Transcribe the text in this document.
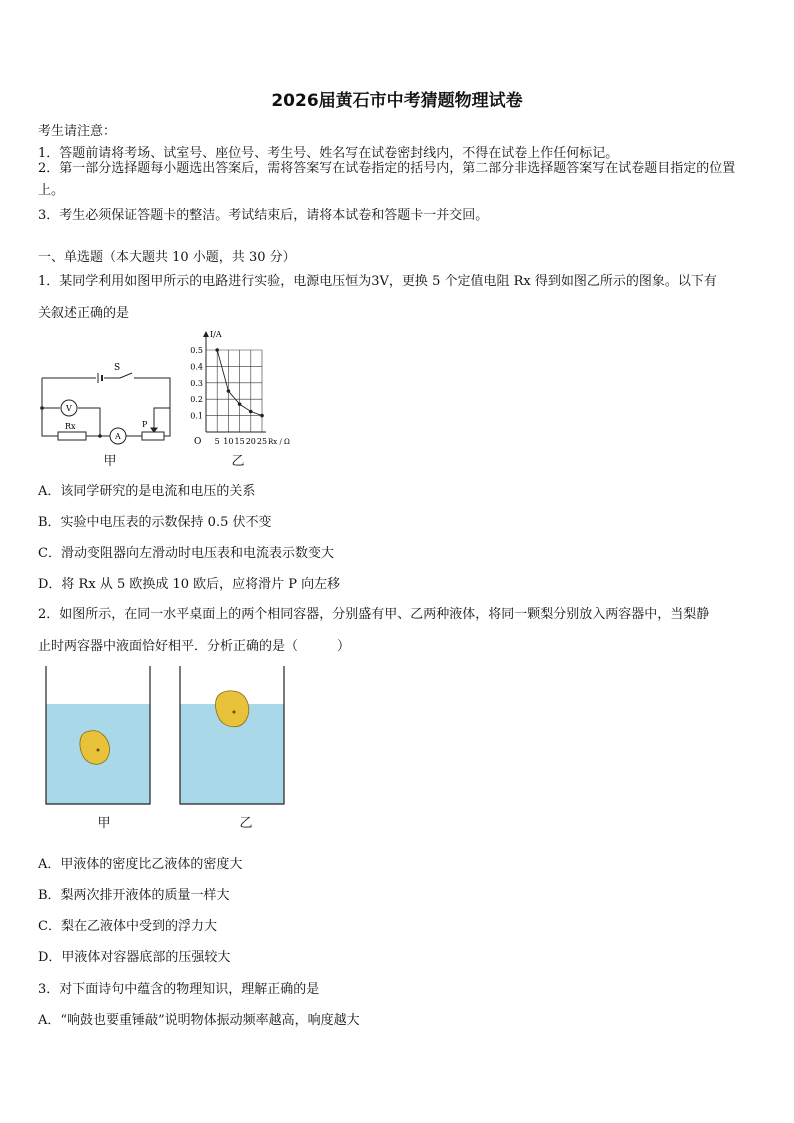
2026届黄石市中考猜题物理试卷
考生请注意：
1．答题前请将考场、试室号、座位号、考生号、姓名写在试卷密封线内，不得在试卷上作任何标记。
2．第一部分选择题每小题选出答案后，需将答案写在试卷指定的括号内，第二部分非选择题答案写在试卷题目指定的位置上。
3．考生必须保证答题卡的整洁。考试结束后，请将本试卷和答题卡一并交回。
一、单选题（本大题共 10 小题，共 30 分）
1．某同学利用如图甲所示的电路进行实验，电源电压恒为3V，更换 5 个定值电阻 Rx 得到如图乙所示的图象。以下有
关叙述正确的是
S
V
A
Rx	P
甲
5 10 15 20 25
0.1
0.2
0.3
0.4
0.5
O
I/A
Rx / Ω
乙
A．该同学研究的是电流和电压的关系
B．实验中电压表的示数保持 0.5 伏不变
C．滑动变阻器向左滑动时电压表和电流表示数变大
D．将 Rx 从 5 欧换成 10 欧后，应将滑片 P 向左移
2．如图所示，在同一水平桌面上的两个相同容器，分别盛有甲、乙两种液体，将同一颗梨分别放入两容器中，当梨静
止时两容器中液面恰好相平．分析正确的是（　　　）
甲	乙
A．甲液体的密度比乙液体的密度大
B．梨两次排开液体的质量一样大
C．梨在乙液体中受到的浮力大
D．甲液体对容器底部的压强较大
3．对下面诗句中蕴含的物理知识，理解正确的是
A．“响鼓也要重锤敲”说明物体振动频率越高，响度越大
